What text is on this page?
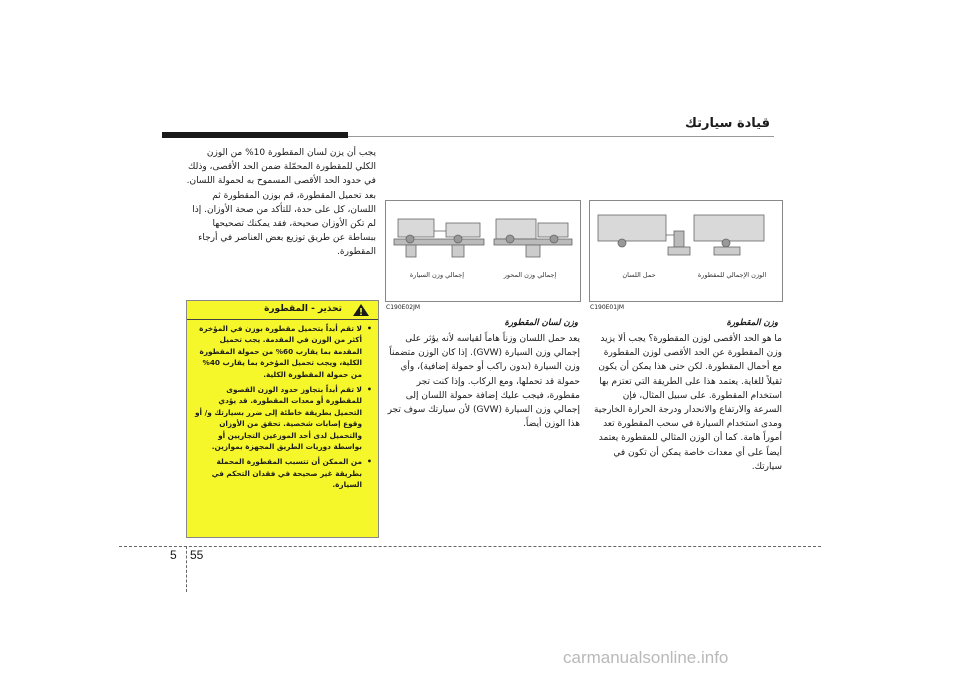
قيادة سيارتك
إجمالي وزن السيارة	إجمالي وزن المحور
C190E02JM
الوزن الإجمالي للمقطورة
حمل اللسان
C190E01JM
وزن المقطورة
ما هو الحد الأقصى لوزن المقطورة؟ يجب ألا يزيد وزن المقطورة عن الحد الأقصى لوزن المقطورة مع أحمال المقطورة. لكن حتى هذا يمكن أن يكون ثقيلاً للغاية. يعتمد هذا على الطريقة التي تعتزم بها استخدام المقطورة. على سبيل المثال، فإن السرعة والارتفاع والانحدار ودرجة الحرارة الخارجية ومدى استخدام السيارة في سحب المقطورة تعد أموراً هامة. كما أن الوزن المثالي للمقطورة يعتمد أيضاً على أي معدات خاصة يمكن أن تكون في سيارتك.
وزن لسان المقطورة
يعد حمل اللسان وزناً هاماً لقياسه لأنه يؤثر على إجمالي وزن السيارة (GVW). إذا كان الوزن متضمناً وزن السيارة (بدون راكب أو حمولة إضافية)، وأي حمولة قد تحملها، ومع الركاب. وإذا كنت تجر مقطورة، فيجب عليك إضافة حمولة اللسان إلى إجمالي وزن السيارة (GVW) لأن سيارتك سوف تجر هذا الوزن أيضاً.
يجب أن يزن لسان المقطورة 10% من الوزن الكلي للمقطورة المحمّلة ضمن الحد الأقصى، وذلك في حدود الحد الأقصى المسموح به لحمولة اللسان. بعد تحميل المقطورة، قم بوزن المقطورة ثم اللسان، كل على حدة، للتأكد من صحة الأوزان. إذا لم تكن الأوزان صحيحة، فقد يمكنك تصحيحها ببساطة عن طريق توزيع بعض العناصر في أرجاء المقطورة.
تحذير - المقطورة
•
لا تقم أبداً بتحميل مقطورة بوزن في المؤخرة أكثر من الوزن في المقدمة. يجب تحميل المقدمة بما يقارب 60% من حمولة المقطورة الكلية، ويجب تحميل المؤخرة بما يقارب 40% من حمولة المقطورة الكلية.
•
لا تقم أبداً بتجاوز حدود الوزن القصوى للمقطورة أو معدات المقطورة. قد يؤدي التحميل بطريقة خاطئة إلى ضرر بسيارتك و/ أو وقوع إصابات شخصية. تحقق من الأوزان والتحميل لدى أحد الموزعين التجاريين أو بواسطة دوريات الطريق المجهزة بموازين.
•
من الممكن أن تتسبب المقطورة المحملة بطريقة غير صحيحة في فقدان التحكم في السيارة.
5 55
carmanualsonline.info
